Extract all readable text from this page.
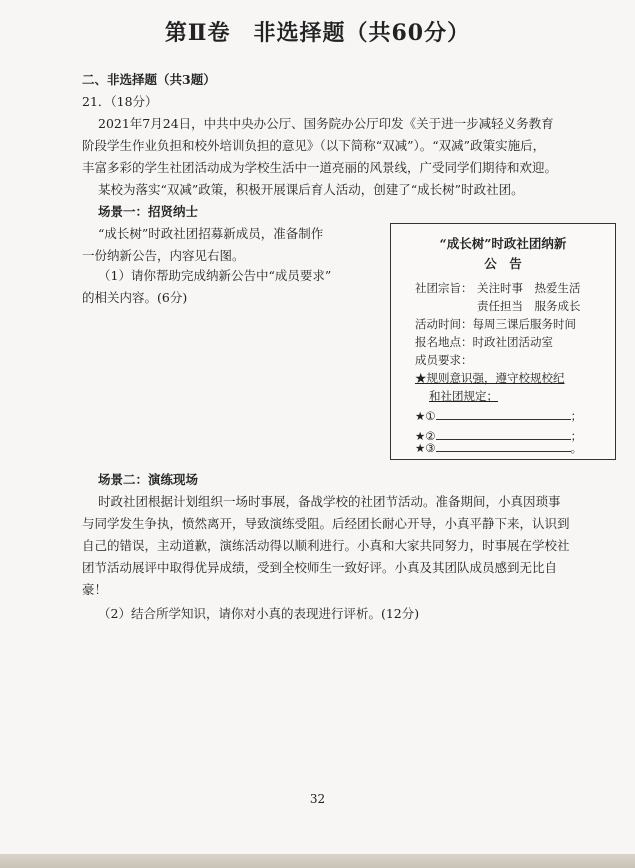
第Ⅱ卷　非选择题（共60分）
二、非选择题（共3题）
21．（18分）
2021年7月24日，中共中央办公厅、国务院办公厅印发《关于进一步减轻义务教育
阶段学生作业负担和校外培训负担的意见》（以下简称“双减”）。“双减”政策实施后，
丰富多彩的学生社团活动成为学校生活中一道亮丽的风景线，广受同学们期待和欢迎。
某校为落实“双减”政策，积极开展课后育人活动，创建了“成长树”时政社团。
场景一：招贤纳士
“成长树”时政社团招募新成员，准备制作
一份纳新公告，内容见右图。
（1）请你帮助完成纳新公告中“成员要求”
的相关内容。(6分)
“成长树”时政社团纳新
公　告
社团宗旨： 关注时事　热爱生活
责任担当　服务成长
活动时间：每周三课后服务时间
报名地点：时政社团活动室
成员要求：
★规则意识强，遵守校规校纪
和社团规定；
★①	；
★②	；
★③	。
场景二：演练现场
时政社团根据计划组织一场时事展，备战学校的社团节活动。准备期间，小真因琐事
与同学发生争执，愤然离开，导致演练受阻。后经团长耐心开导，小真平静下来，认识到
自己的错误，主动道歉，演练活动得以顺利进行。小真和大家共同努力，时事展在学校社
团节活动展评中取得优异成绩，受到全校师生一致好评。小真及其团队成员感到无比自
豪！
（2）结合所学知识，请你对小真的表现进行评析。(12分)
32
